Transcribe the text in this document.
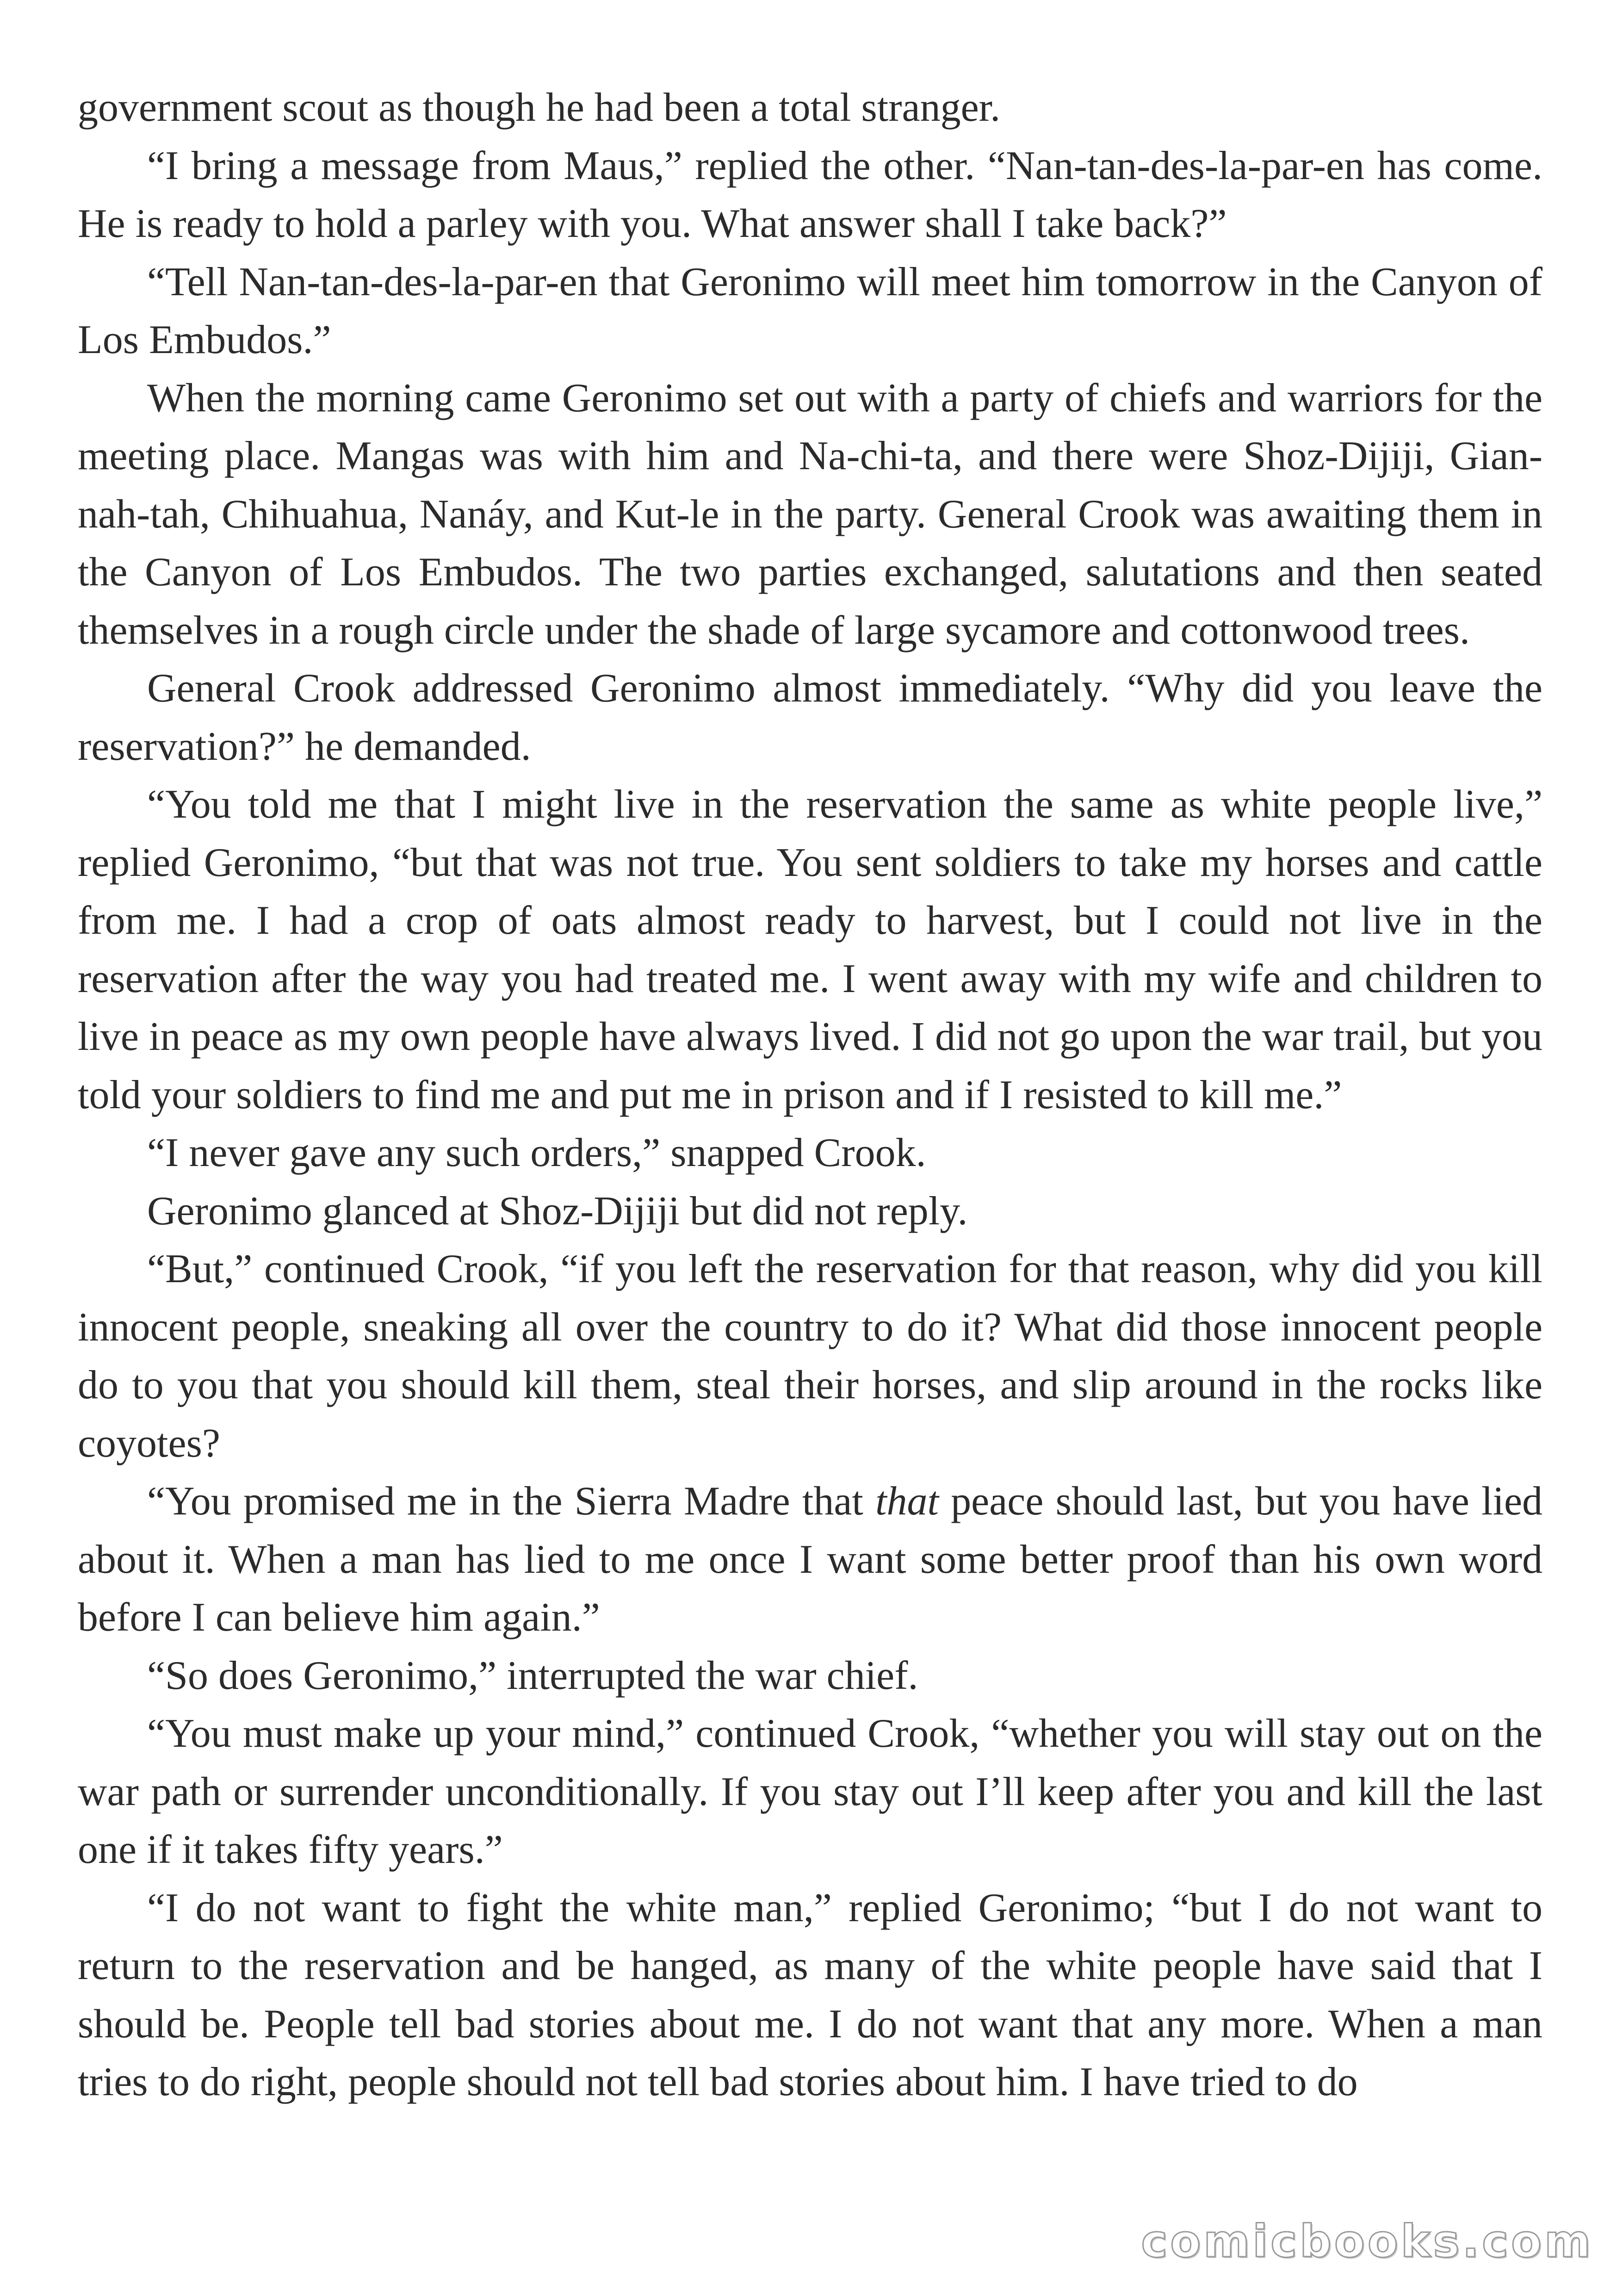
government scout as though he had been a total stranger.

“I bring a message from Maus,” replied the other. “Nan-tan-des-la-par-en has come. He is ready to hold a parley with you. What answer shall I take back?”

“Tell Nan-tan-des-la-par-en that Geronimo will meet him tomorrow in the Canyon of Los Embudos.”

When the morning came Geronimo set out with a party of chiefs and warriors for the meeting place. Mangas was with him and Na-chi-ta, and there were Shoz-Dijiji, Gian-nah-tah, Chihuahua, Nanáy, and Kut-le in the party. General Crook was awaiting them in the Canyon of Los Embudos. The two parties exchanged, salutations and then seated themselves in a rough circle under the shade of large sycamore and cottonwood trees.

General Crook addressed Geronimo almost immediately. “Why did you leave the reservation?” he demanded.

“You told me that I might live in the reservation the same as white people live,” replied Geronimo, “but that was not true. You sent soldiers to take my horses and cattle from me. I had a crop of oats almost ready to harvest, but I could not live in the reservation after the way you had treated me. I went away with my wife and children to live in peace as my own people have always lived. I did not go upon the war trail, but you told your soldiers to find me and put me in prison and if I resisted to kill me.”

“I never gave any such orders,” snapped Crook.

Geronimo glanced at Shoz-Dijiji but did not reply.

“But,” continued Crook, “if you left the reservation for that reason, why did you kill innocent people, sneaking all over the country to do it? What did those innocent people do to you that you should kill them, steal their horses, and slip around in the rocks like coyotes?

“You promised me in the Sierra Madre that that peace should last, but you have lied about it. When a man has lied to me once I want some better proof than his own word before I can believe him again.”

“So does Geronimo,” interrupted the war chief.

“You must make up your mind,” continued Crook, “whether you will stay out on the war path or surrender unconditionally. If you stay out I’ll keep after you and kill the last one if it takes fifty years.”

“I do not want to fight the white man,” replied Geronimo; “but I do not want to return to the reservation and be hanged, as many of the white people have said that I should be. People tell bad stories about me. I do not want that any more. When a man tries to do right, people should not tell bad stories about him. I have tried to do

comicbooks.com
